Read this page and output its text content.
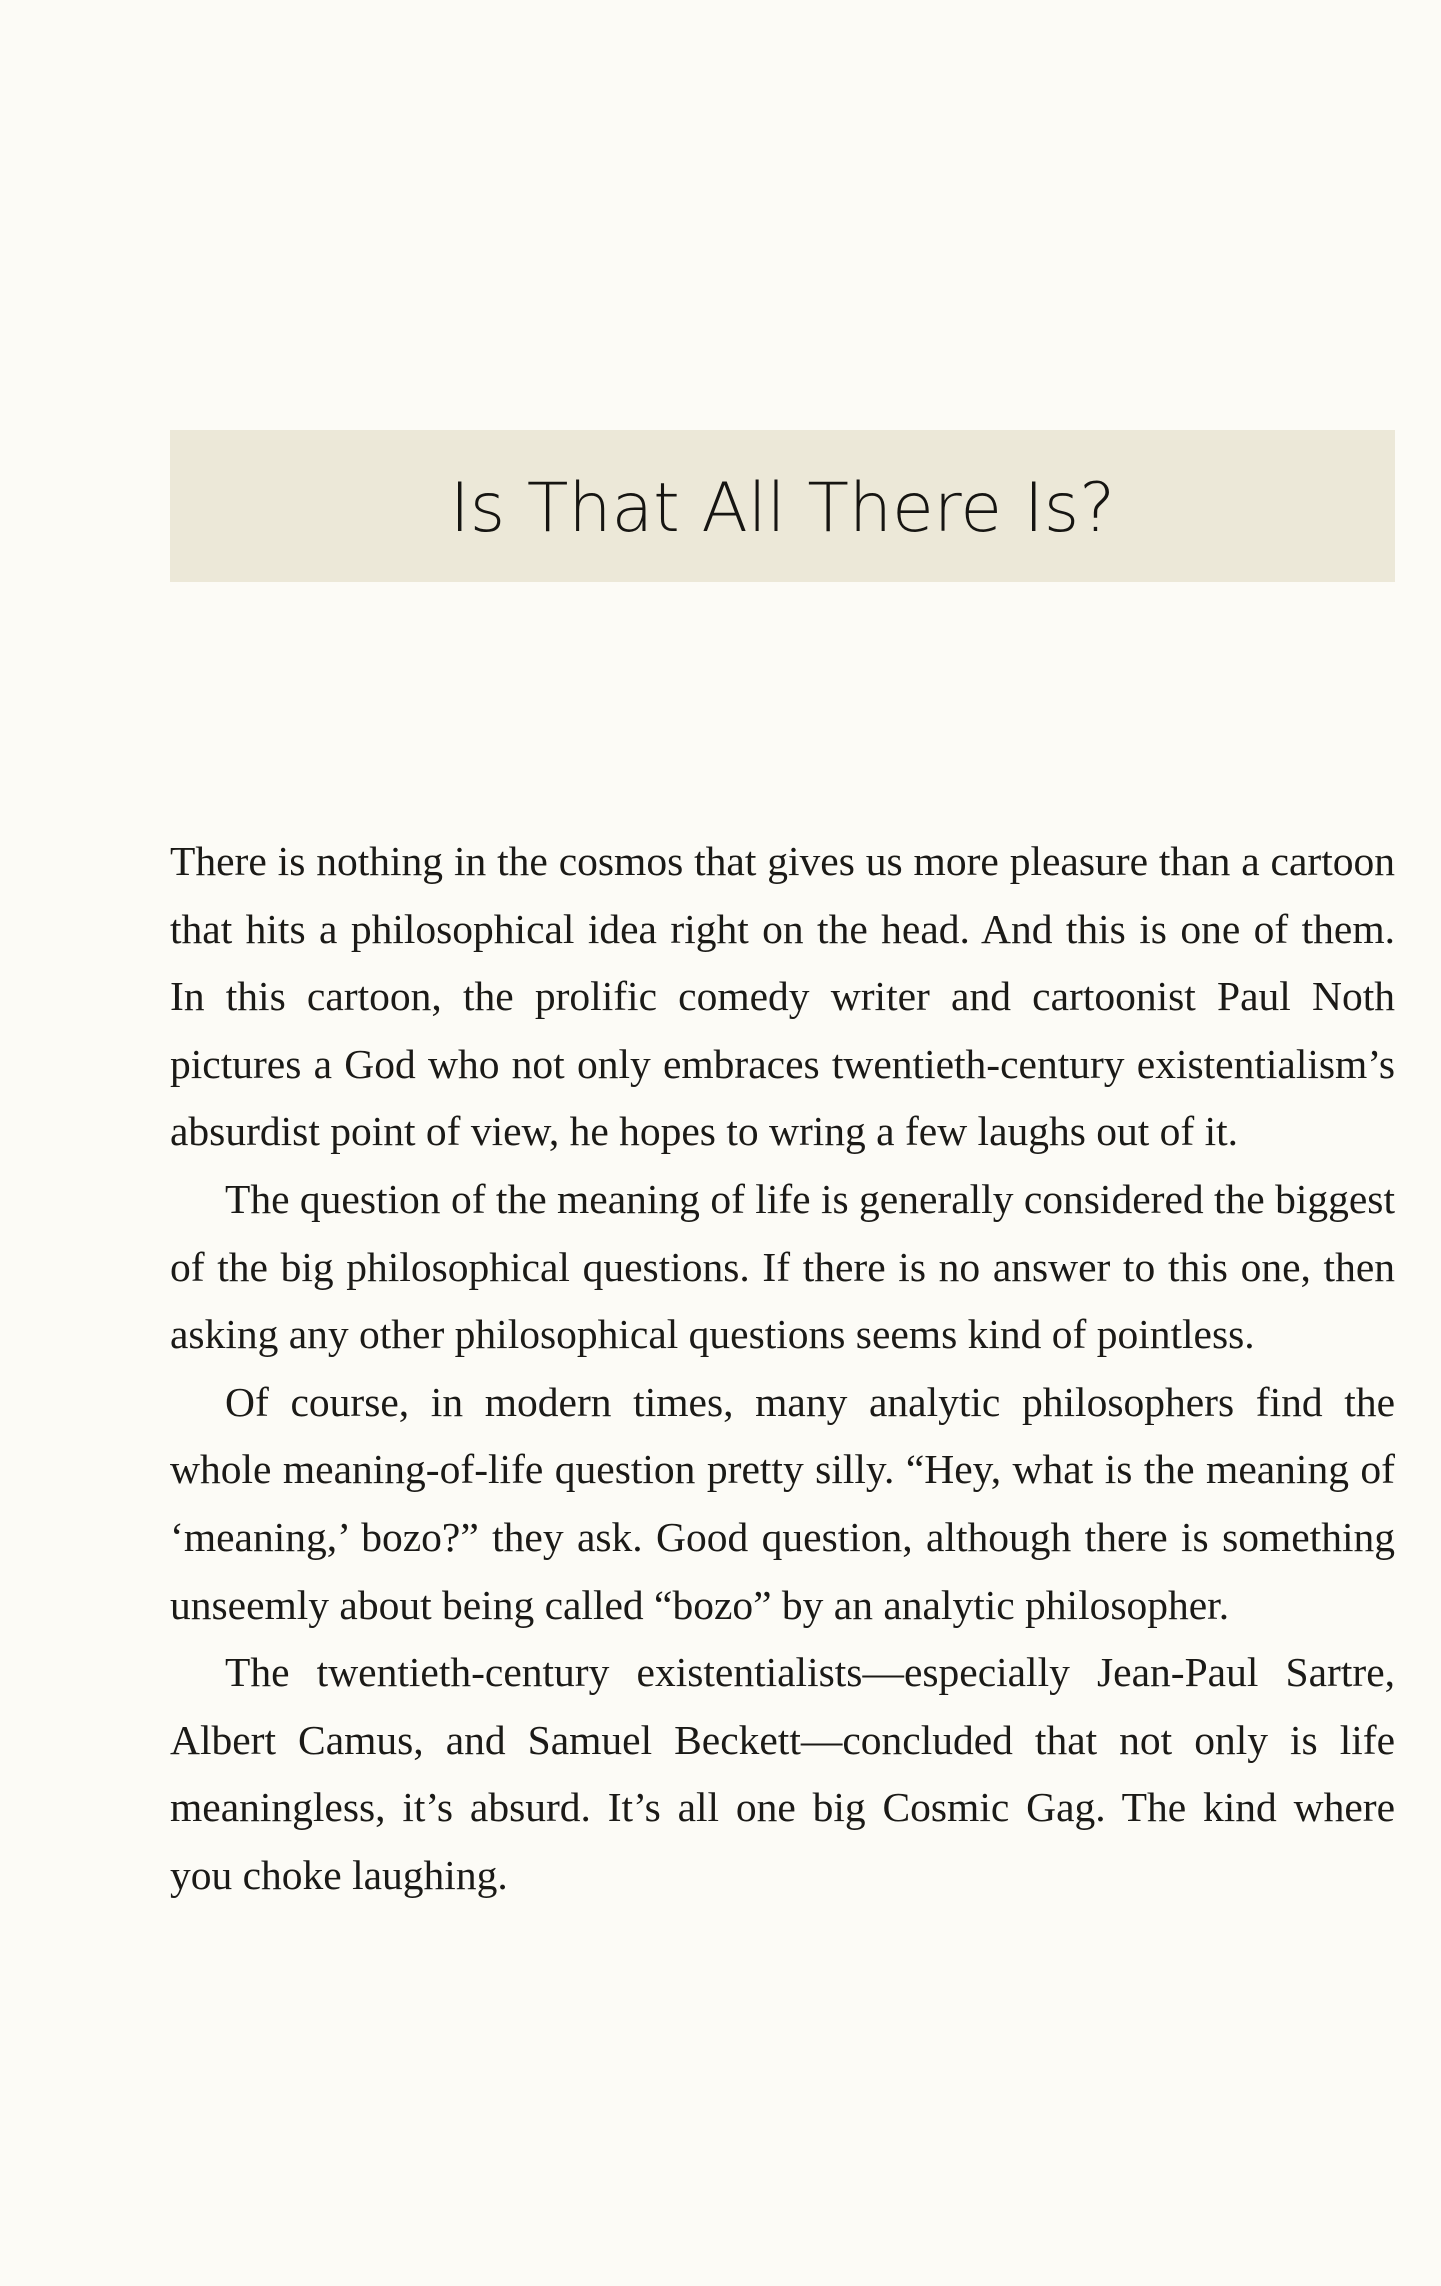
Is That All There Is?

There is nothing in the cosmos that gives us more pleasure than a cartoon that hits a philosophical idea right on the head. And this is one of them. In this cartoon, the prolific comedy writer and cartoonist Paul Noth pictures a God who not only embraces twentieth-century existentialism’s absurdist point of view, he hopes to wring a few laughs out of it.

The question of the meaning of life is generally considered the biggest of the big philosophical questions. If there is no answer to this one, then asking any other philosophical questions seems kind of pointless.

Of course, in modern times, many analytic philosophers find the whole meaning-of-life question pretty silly. “Hey, what is the meaning of ‘meaning,’ bozo?” they ask. Good question, although there is something unseemly about being called “bozo” by an analytic philosopher.

The twentieth-century existentialists—especially Jean-Paul Sartre, Albert Camus, and Samuel Beckett—concluded that not only is life meaningless, it’s absurd. It’s all one big Cosmic Gag. The kind where you choke laughing.
